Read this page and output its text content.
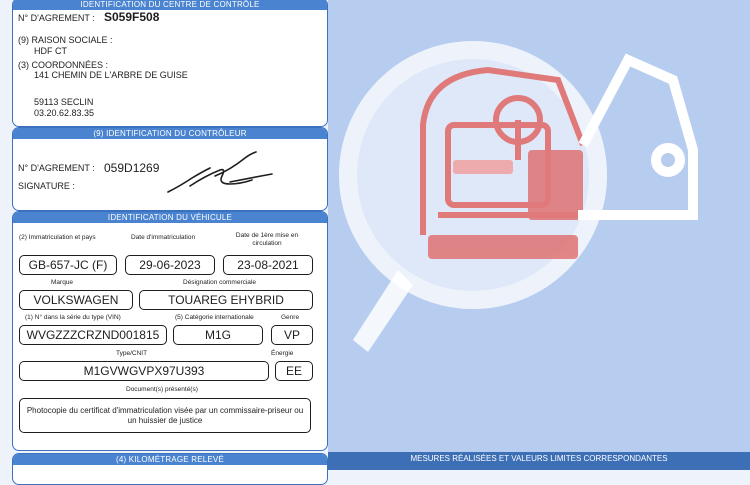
MESURES RÉALISÉES ET VALEURS LIMITES CORRESPONDANTES
IDENTIFICATION DU CENTRE DE CONTRÔLE
N° D'AGREMENT : S059F508
(9) RAISON SOCIALE :
HDF CT
(3) COORDONNÉES :
141 CHEMIN DE L'ARBRE DE GUISE
59113 SECLIN
03.20.62.83.35
(9) IDENTIFICATION DU CONTRÔLEUR
N° D'AGREMENT : 059D1269
SIGNATURE :
IDENTIFICATION DU VÉHICULE
(2) Immatriculation et pays	Date d'immatriculation	Date de 1ère mise en circulation
GB-657-JC (F)	29-06-2023	23-08-2021
Marque	Désignation commerciale
VOLKSWAGEN	TOUAREG EHYBRID
(1) N° dans la série du type (VIN)	(5) Catégorie internationale	Genre
WVGZZZCRZND001815	M1G	VP
Type/CNIT	Énergie
M1GVWGVPX97U393	EE
Document(s) présenté(s)
Photocopie du certificat d'immatriculation visée par un commissaire-priseur ou un huissier de justice
(4) KILOMÉTRAGE RELEVÉ
